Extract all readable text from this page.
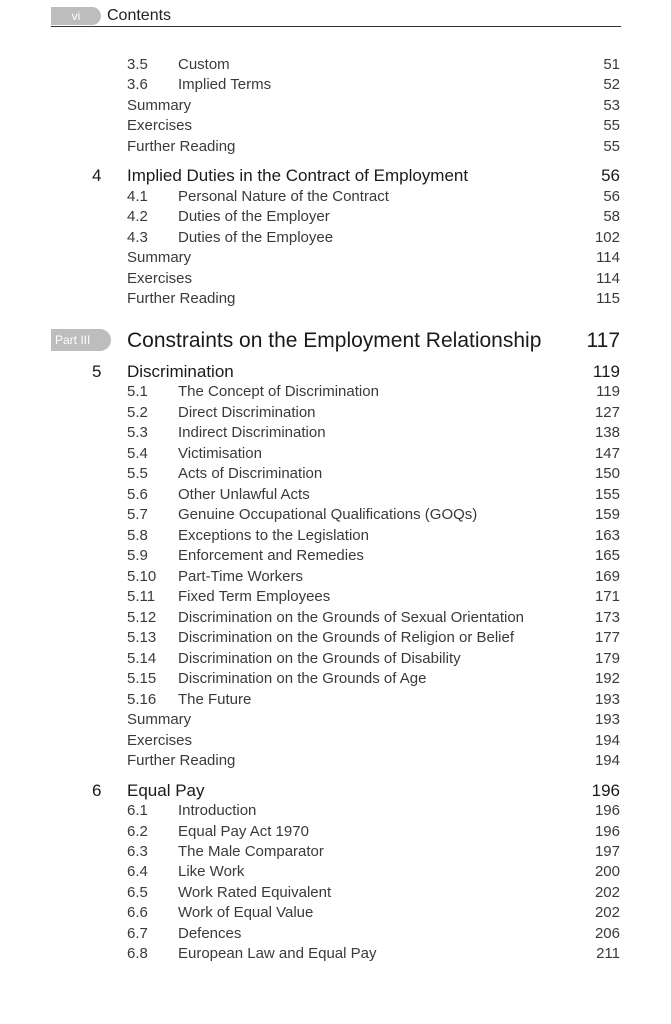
vi	Contents
3.5 Custom	51
3.6 Implied Terms	52
Summary	53
Exercises	55
Further Reading	55
4 Implied Duties in the Contract of Employment	56
4.1 Personal Nature of the Contract	56
4.2 Duties of the Employer	58
4.3 Duties of the Employee	102
Summary	114
Exercises	114
Further Reading	115
Part III	Constraints on the Employment Relationship 117
5 Discrimination	119
5.1 The Concept of Discrimination	119
5.2 Direct Discrimination	127
5.3 Indirect Discrimination	138
5.4 Victimisation	147
5.5 Acts of Discrimination	150
5.6 Other Unlawful Acts	155
5.7 Genuine Occupational Qualifications (GOQs)	159
5.8 Exceptions to the Legislation	163
5.9 Enforcement and Remedies	165
5.10 Part-Time Workers	169
5.11 Fixed Term Employees	171
5.12 Discrimination on the Grounds of Sexual Orientation	173
5.13 Discrimination on the Grounds of Religion or Belief	177
5.14 Discrimination on the Grounds of Disability	179
5.15 Discrimination on the Grounds of Age	192
5.16 The Future	193
Summary	193
Exercises	194
Further Reading	194
6 Equal Pay	196
6.1 Introduction	196
6.2 Equal Pay Act 1970	196
6.3 The Male Comparator	197
6.4 Like Work	200
6.5 Work Rated Equivalent	202
6.6 Work of Equal Value	202
6.7 Defences	206
6.8 European Law and Equal Pay	211
